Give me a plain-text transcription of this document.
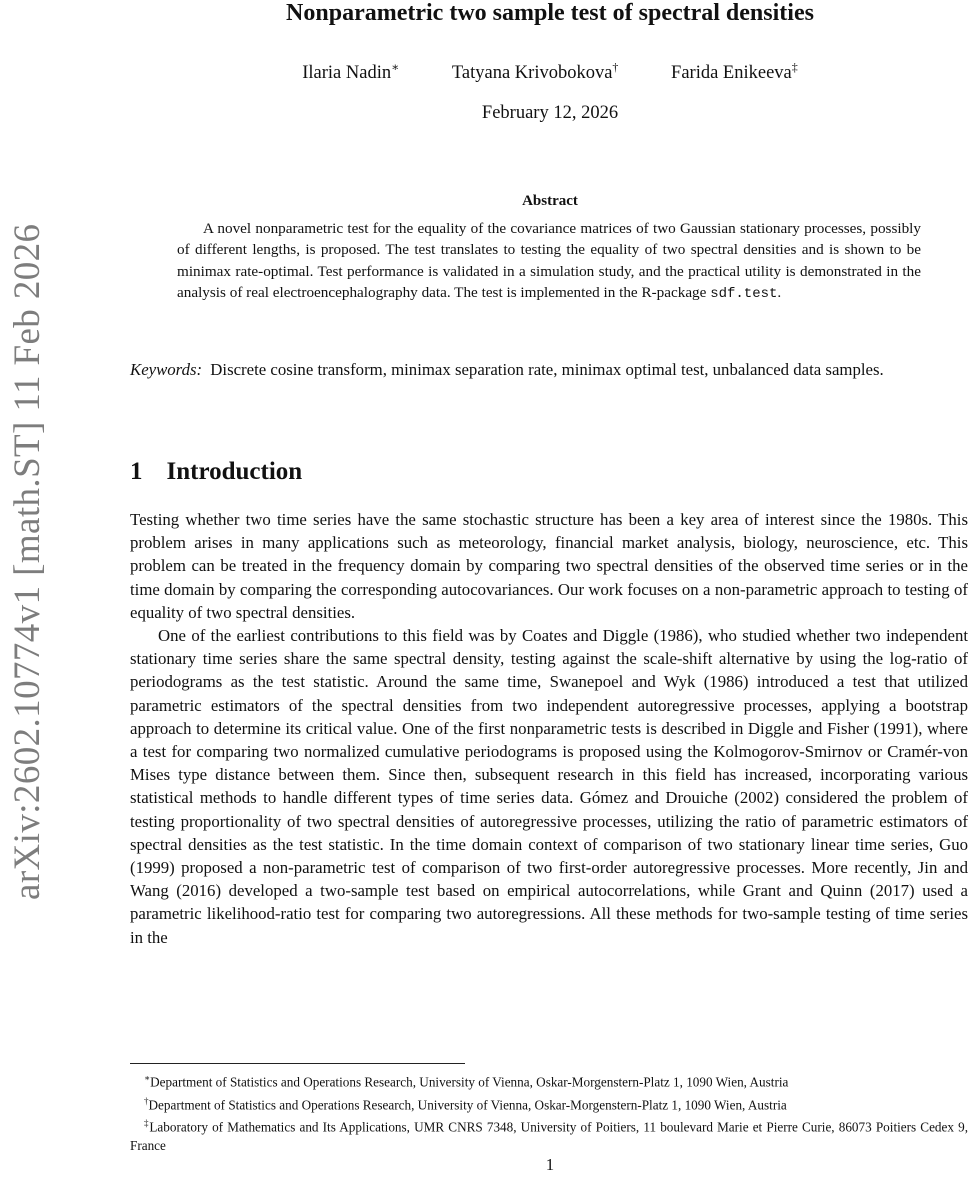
arXiv:2602.10774v1 [math.ST] 11 Feb 2026
Nonparametric two sample test of spectral densities
Ilaria Nadin∗	Tatyana Krivobokova†	Farida Enikeeva‡
February 12, 2026
Abstract
A novel nonparametric test for the equality of the covariance matrices of two Gaussian stationary processes, possibly of different lengths, is proposed. The test translates to testing the equality of two spectral densities and is shown to be minimax rate-optimal. Test performance is validated in a simulation study, and the practical utility is demonstrated in the analysis of real electroencephalography data. The test is implemented in the R-package sdf.test.
Keywords: Discrete cosine transform, minimax separation rate, minimax optimal test, unbalanced data samples.
1 Introduction

Testing whether two time series have the same stochastic structure has been a key area of interest since the 1980s. This problem arises in many applications such as meteorology, financial market analysis, biology, neuroscience, etc. This problem can be treated in the frequency domain by comparing two spectral densities of the observed time series or in the time domain by comparing the corresponding autocovariances. Our work focuses on a non-parametric approach to testing of equality of two spectral densities.

One of the earliest contributions to this field was by Coates and Diggle (1986), who studied whether two independent stationary time series share the same spectral density, testing against the scale-shift alternative by using the log-ratio of periodograms as the test statistic. Around the same time, Swanepoel and Wyk (1986) introduced a test that utilized parametric estimators of the spectral densities from two independent autoregressive processes, applying a bootstrap approach to determine its critical value. One of the first nonparametric tests is described in Diggle and Fisher (1991), where a test for comparing two normalized cumulative periodograms is proposed using the Kolmogorov-Smirnov or Cramér-von Mises type distance between them. Since then, subsequent research in this field has increased, incorporating various statistical methods to handle different types of time series data. Gómez and Drouiche (2002) considered the problem of testing proportionality of two spectral densities of autoregressive processes, utilizing the ratio of parametric estimators of spectral densities as the test statistic. In the time domain context of comparison of two stationary linear time series, Guo (1999) proposed a non-parametric test of comparison of two first-order autoregressive processes. More recently, Jin and Wang (2016) developed a two-sample test based on empirical autocorrelations, while Grant and Quinn (2017) used a parametric likelihood-ratio test for comparing two autoregressions. All these methods for two-sample testing of time series in the

∗Department of Statistics and Operations Research, University of Vienna, Oskar-Morgenstern-Platz 1, 1090 Wien, Austria

†Department of Statistics and Operations Research, University of Vienna, Oskar-Morgenstern-Platz 1, 1090 Wien, Austria

‡Laboratory of Mathematics and Its Applications, UMR CNRS 7348, University of Poitiers, 11 boulevard Marie et Pierre Curie, 86073 Poitiers Cedex 9, France

1
